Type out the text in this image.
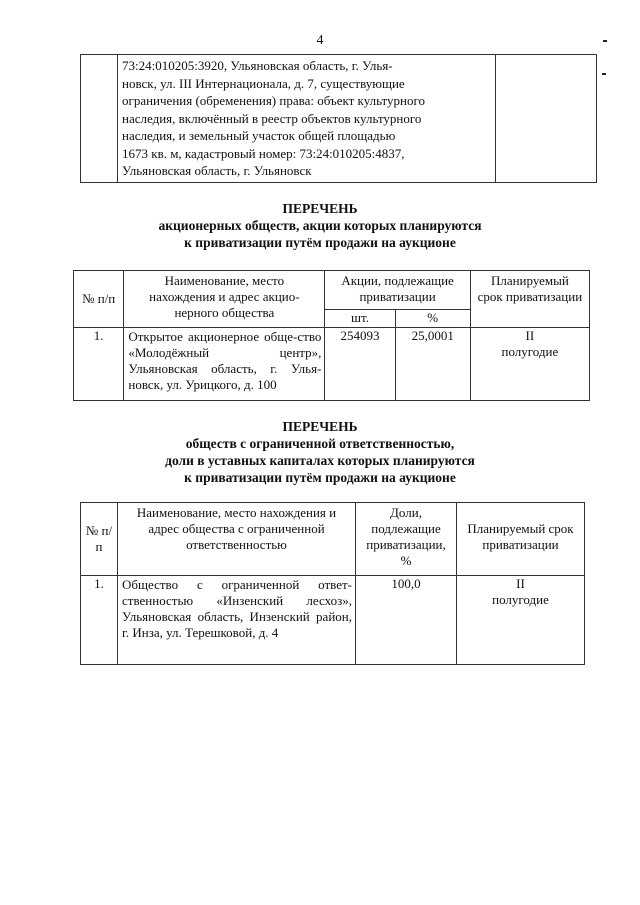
4

73:24:010205:3920, Ульяновская область, г. Улья-
новск, ул. III Интернационала, д. 7, существующие
ограничения (обременения) права: объект культурного
наследия, включённый в реестр объектов культурного
наследия, и земельный участок общей площадью
1673 кв. м, кадастровый номер: 73:24:010205:4837,
Ульяновская область, г. Ульяновск

ПЕРЕЧЕНЬ
акционерных обществ, акции которых планируются
к приватизации путём продажи на аукционе
№ п/п	Наименование, место нахождения и адрес акцио-нерного общества	Акции, подлежащие приватизации		Планируемый срок приватизации
		шт.	%	
1.	Открытое акционерное обще-ство «Молодёжный центр», Ульяновская область, г. Улья-новск, ул. Урицкого, д. 100	254093	25,0001	II
полугодие
ПЕРЕЧЕНЬ
обществ с ограниченной ответственностью,
доли в уставных капиталах которых планируются
к приватизации путём продажи на аукционе
№ п/п	Наименование, место нахождения и адрес общества с ограниченной ответственностью	Доли, подлежащие приватизации, %	Планируемый срок приватизации
1.	Общество с ограниченной ответ-ственностью «Инзенский лесхоз», Ульяновская область, Инзенский район, г. Инза, ул. Терешковой, д. 4	100,0	II
полугодие
